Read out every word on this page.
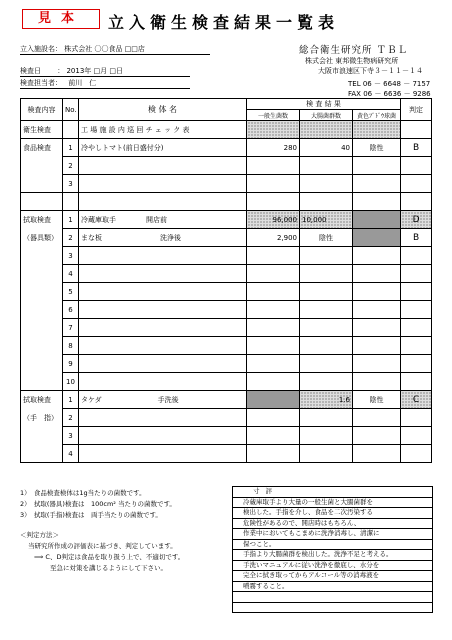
見本	立入衛生検査結果一覧表
立入施設名： 株式会社 〇〇食品 □□店
検査日 ： 2013年 □月 □日
検査担当者： 前川　仁
総合衛生研究所 ＴＢＬ
株式会社 東邦微生物病研究所
大阪市浪速区下寺３－１１－１４
TEL 06 － 6648 － 7157
FAX 06 － 6636 － 9286
検査内容	No.	検 体 名	検 査 結 果			判定
			一般生菌数	大腸菌群数	黄色ﾌﾞﾄﾞｳ球菌	
衛生検査		工 場 施 設 内 巡 回 チ ェ ッ ク 表				
食品検査	1	冷やしトマト(前日盛付分)	280	40	陰性	B
	2					
	3					

拭取検査	1	冷蔵庫取手 開店前	96,000	10,000		D
（器具類）	2	まな板 洗浄後	2,900	陰性		B
	3					
	4					
	5					
	6					
	7					
	8					
	9					
	10					
拭取検査	1	タケダ 手洗後		1.6	陰性	C
（手　指）	2					
	3					
	4					
1）　食品検査検体は1g当たりの菌数です。
2）　拭取(器具)検査は　100cm² 当たりの菌数です。
3）　拭取(手指)検査は　両手当たりの菌数です。
＜判定方法＞
当研究所作成の評価表に基づき、判定しています。
⟹ C、D判定は食品を取り扱う上で、不適切です。
至急に対策を講じるようにして下さい。
寸評
冷蔵庫取手より大量の一般生菌と大腸菌群を
検出した。手指を介し、食品を二次汚染する
危険性があるので、開店時はもちろん、
作業中においてもこまめに洗浄消毒し、清潔に
保つこと。
手指より大腸菌群を検出した。洗浄不足と考える。
手洗いマニュアルに従い洗浄を徹底し、水分を
完全に拭き取ってからアルコール等の消毒液を
噴霧すること。
